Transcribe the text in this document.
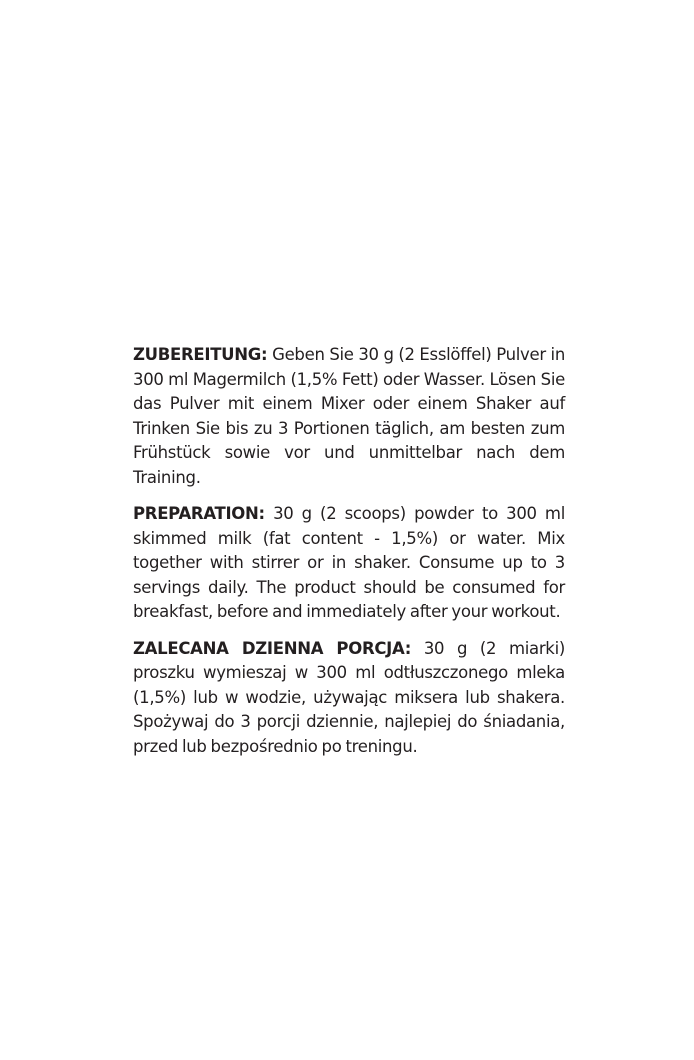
ZUBEREITUNG: Geben Sie 30 g (2 Esslöffel) Pulver in 300 ml Magermilch (1,5% Fett) oder Wasser. Lösen Sie das Pulver mit einem Mixer oder einem Shaker auf Trinken Sie bis zu 3 Portionen täglich, am besten zum Frühstück sowie vor und unmittelbar nach dem Training.

PREPARATION: 30 g (2 scoops) powder to 300 ml skimmed milk (fat content - 1,5%) or water. Mix together with stirrer or in shaker. Consume up to 3 servings daily. The product should be consumed for breakfast, before and immediately after your workout.

ZALECANA DZIENNA PORCJA: 30 g (2 miarki) proszku wymieszaj w 300 ml odtłuszczonego mleka (1,5%) lub w wodzie, używając miksera lub shakera. Spożywaj do 3 porcji dziennie, najlepiej do śniadania, przed lub bezpośrednio po treningu.
